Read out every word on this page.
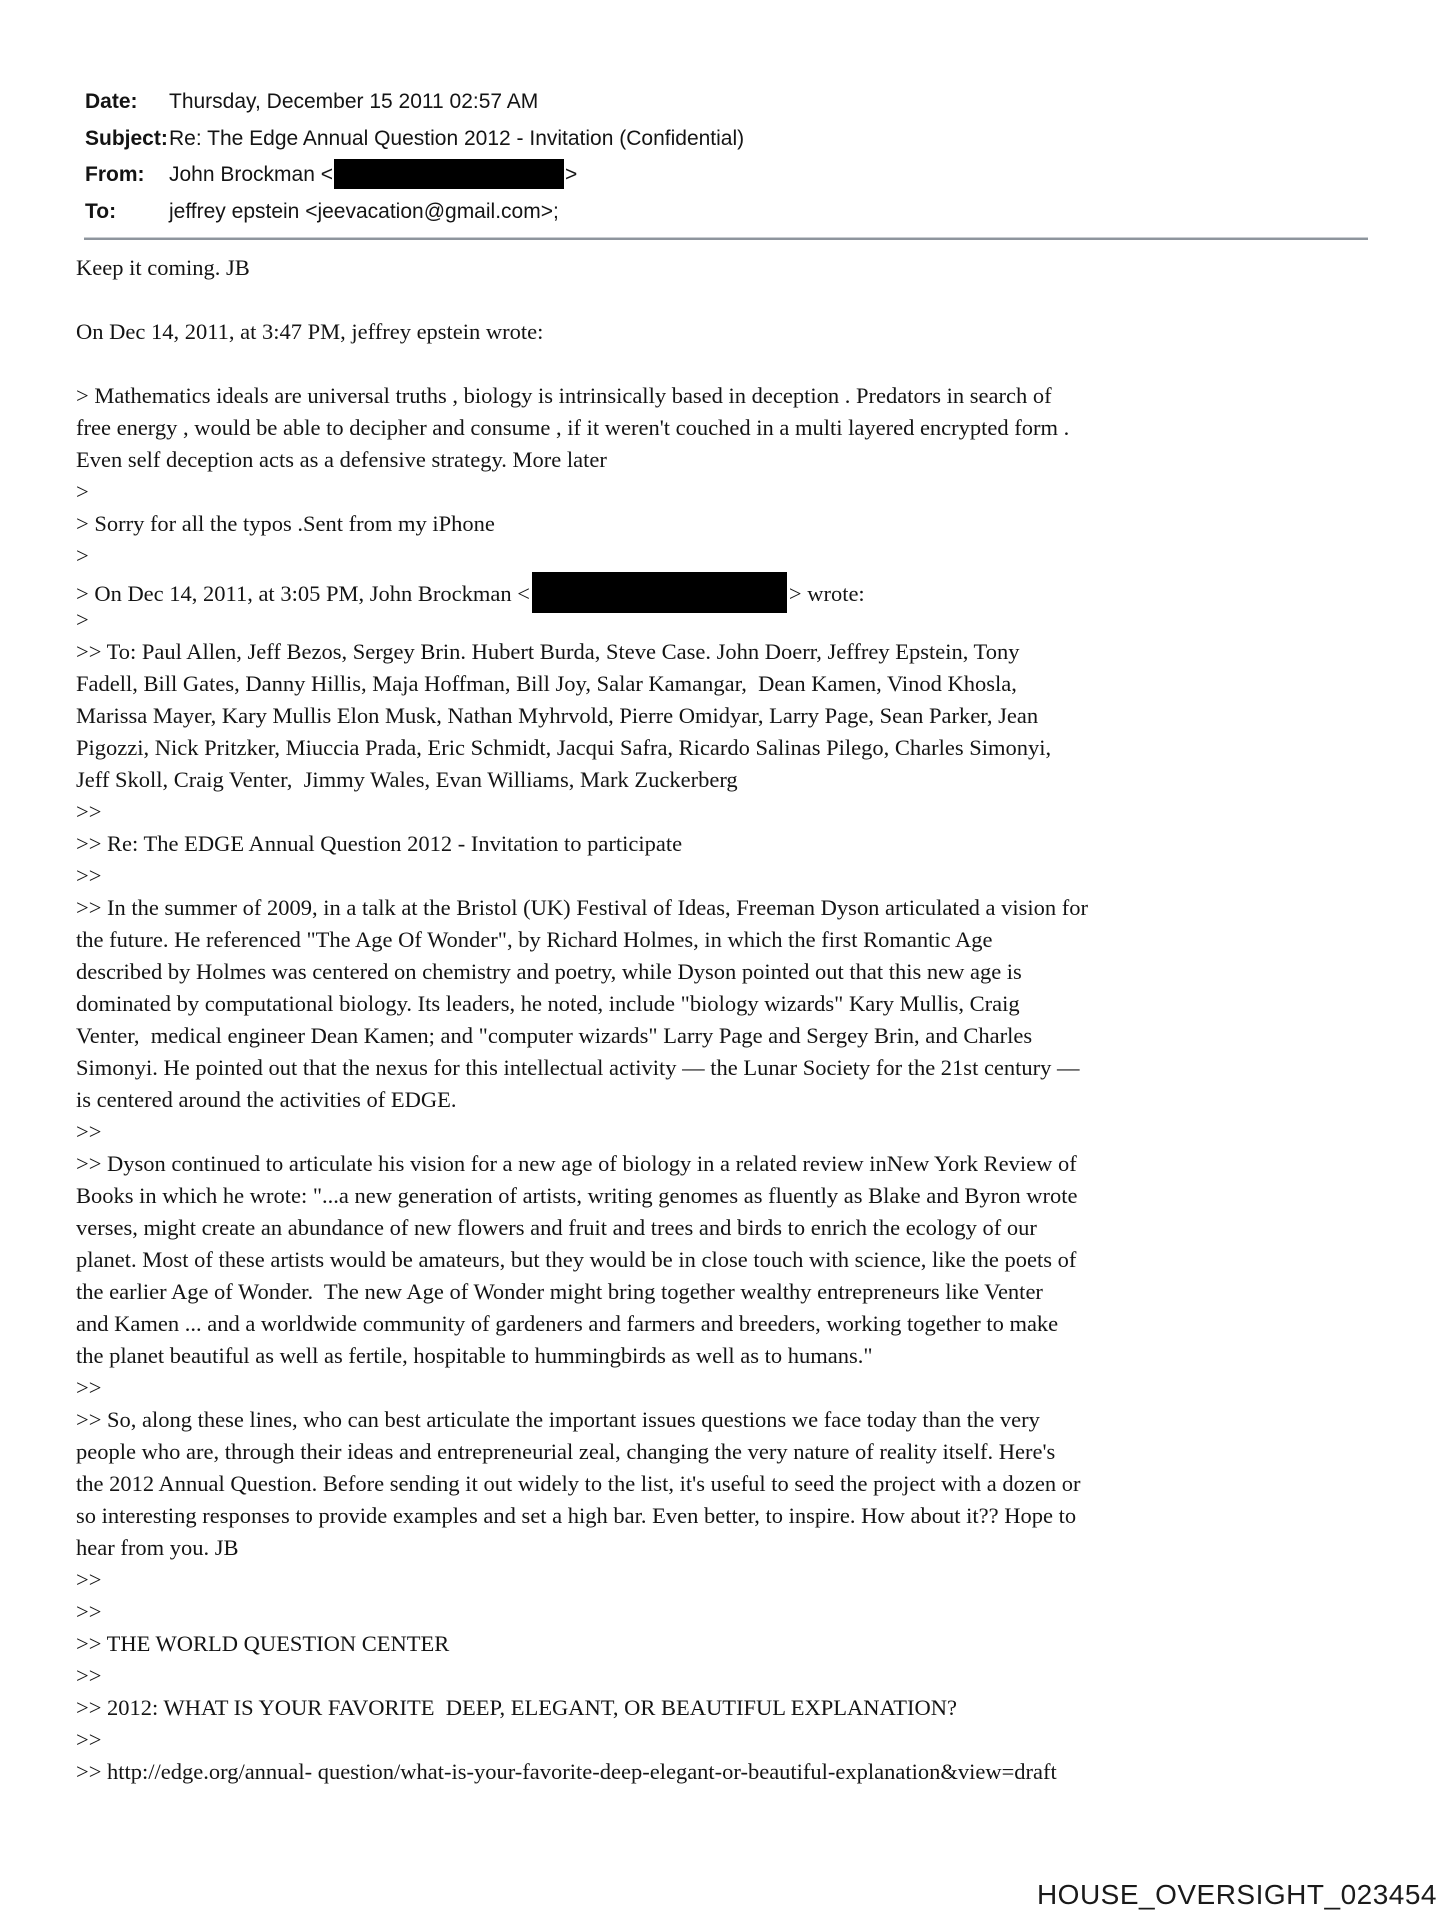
Date:	Thursday, December 15 2011 02:57 AM
Subject: Re: The Edge Annual Question 2012 - Invitation (Confidential)
From:	John Brockman <	>
To:	jeffrey epstein <jeevacation@gmail.com>;
Keep it coming. JB

On Dec 14, 2011, at 3:47 PM, jeffrey epstein wrote:

> Mathematics ideals are universal truths , biology is intrinsically based in deception . Predators in search of
free energy , would be able to decipher and consume , if it weren't couched in a multi layered encrypted form .
Even self deception acts as a defensive strategy. More later
>
> Sorry for all the typos .Sent from my iPhone
>
> On Dec 14, 2011, at 3:05 PM, John Brockman <	> wrote:
>
>> To: Paul Allen, Jeff Bezos, Sergey Brin. Hubert Burda, Steve Case. John Doerr, Jeffrey Epstein, Tony
Fadell, Bill Gates, Danny Hillis, Maja Hoffman, Bill Joy, Salar Kamangar,  Dean Kamen, Vinod Khosla,
Marissa Mayer, Kary Mullis Elon Musk, Nathan Myhrvold, Pierre Omidyar, Larry Page, Sean Parker, Jean
Pigozzi, Nick Pritzker, Miuccia Prada, Eric Schmidt, Jacqui Safra, Ricardo Salinas Pilego, Charles Simonyi,
Jeff Skoll, Craig Venter,  Jimmy Wales, Evan Williams, Mark Zuckerberg
>>
>> Re: The EDGE Annual Question 2012 - Invitation to participate
>>
>> In the summer of 2009, in a talk at the Bristol (UK) Festival of Ideas, Freeman Dyson articulated a vision for
the future. He referenced "The Age Of Wonder", by Richard Holmes, in which the first Romantic Age
described by Holmes was centered on chemistry and poetry, while Dyson pointed out that this new age is
dominated by computational biology. Its leaders, he noted, include "biology wizards" Kary Mullis, Craig
Venter,  medical engineer Dean Kamen; and "computer wizards" Larry Page and Sergey Brin, and Charles
Simonyi. He pointed out that the nexus for this intellectual activity — the Lunar Society for the 21st century —
is centered around the activities of EDGE.
>>
>> Dyson continued to articulate his vision for a new age of biology in a related review inNew York Review of
Books in which he wrote: "...a new generation of artists, writing genomes as fluently as Blake and Byron wrote
verses, might create an abundance of new flowers and fruit and trees and birds to enrich the ecology of our
planet. Most of these artists would be amateurs, but they would be in close touch with science, like the poets of
the earlier Age of Wonder.  The new Age of Wonder might bring together wealthy entrepreneurs like Venter
and Kamen ... and a worldwide community of gardeners and farmers and breeders, working together to make
the planet beautiful as well as fertile, hospitable to hummingbirds as well as to humans."
>>
>> So, along these lines, who can best articulate the important issues questions we face today than the very
people who are, through their ideas and entrepreneurial zeal, changing the very nature of reality itself. Here's
the 2012 Annual Question. Before sending it out widely to the list, it's useful to seed the project with a dozen or
so interesting responses to provide examples and set a high bar. Even better, to inspire. How about it?? Hope to
hear from you. JB
>>
>>
>> THE WORLD QUESTION CENTER
>>
>> 2012: WHAT IS YOUR FAVORITE  DEEP, ELEGANT, OR BEAUTIFUL EXPLANATION?
>>
>> http://edge.org/annual- question/what-is-your-favorite-deep-elegant-or-beautiful-explanation&view=draft
HOUSE_OVERSIGHT_023454
